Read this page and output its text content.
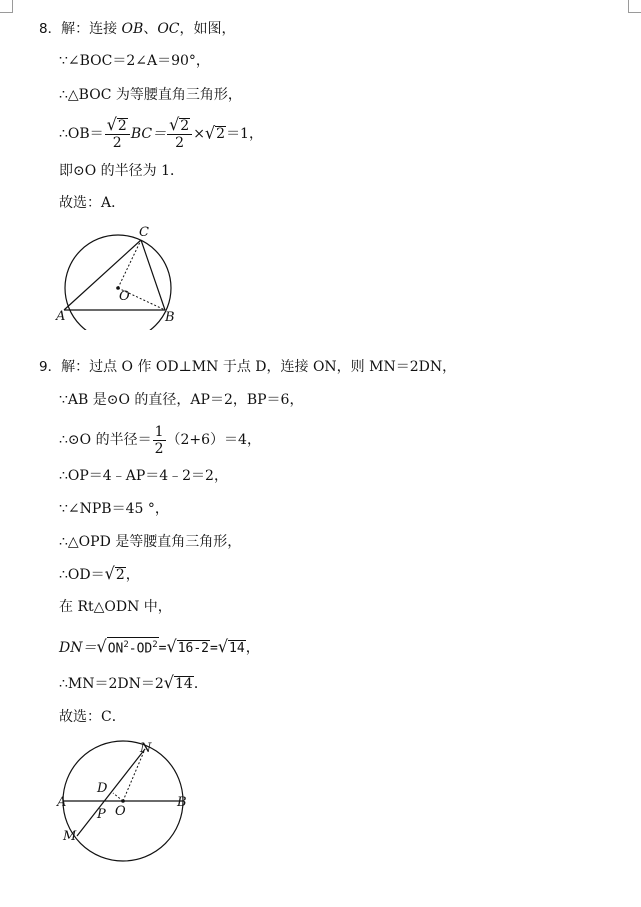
8．解：连接 OB、OC，如图，
∵∠BOC＝2∠A＝90°，
∴△BOC 为等腰直角三角形，
∴OB＝ $\frac{√2}{2} BC= \frac{√2}{2} \times√2=1$，
即⊙O 的半径为 1．
故选：A．
C
O
A	B
9．解：过点 O 作 OD⊥MN 于点 D，连接 ON，则 MN＝2DN，
∵AB 是⊙O 的直径，AP＝2，BP＝6，
∴⊙O 的半径＝ $\frac{1}{2} (2+6)=4$，
∴OP＝4﹣AP＝4﹣2＝2，
∵∠NPB＝45 °，
∴△OPD 是等腰直角三角形，
∴OD＝√2，
在 Rt△ODN 中，
$DN=√ON^2-OD^2=√16-2=√14$，
∴MN＝2DN＝2√14．
故选：C．
N
D
A	B
P O
M
